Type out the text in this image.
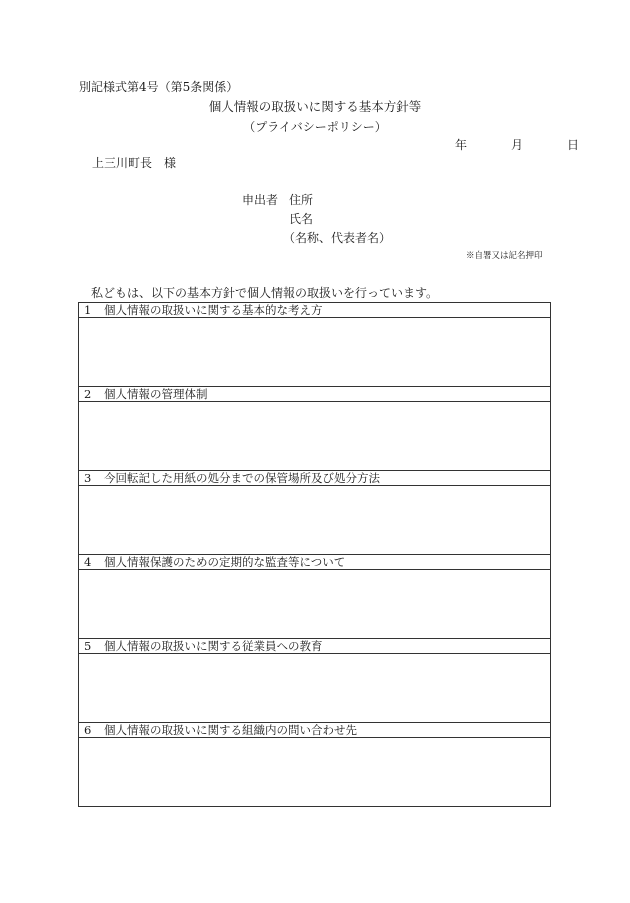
別記様式第4号（第5条関係）
個人情報の取扱いに関する基本方針等
（プライバシーポリシー）
年	月	日
上三川町長　様
申出者 住所
氏名
（名称、代表者名）
※自署又は記名押印
私どもは、以下の基本方針で個人情報の取扱いを行っています。
1 個人情報の取扱いに関する基本的な考え方
2 個人情報の管理体制
3 今回転記した用紙の処分までの保管場所及び処分方法
4 個人情報保護のための定期的な監査等について
5 個人情報の取扱いに関する従業員への教育
6 個人情報の取扱いに関する組織内の問い合わせ先
